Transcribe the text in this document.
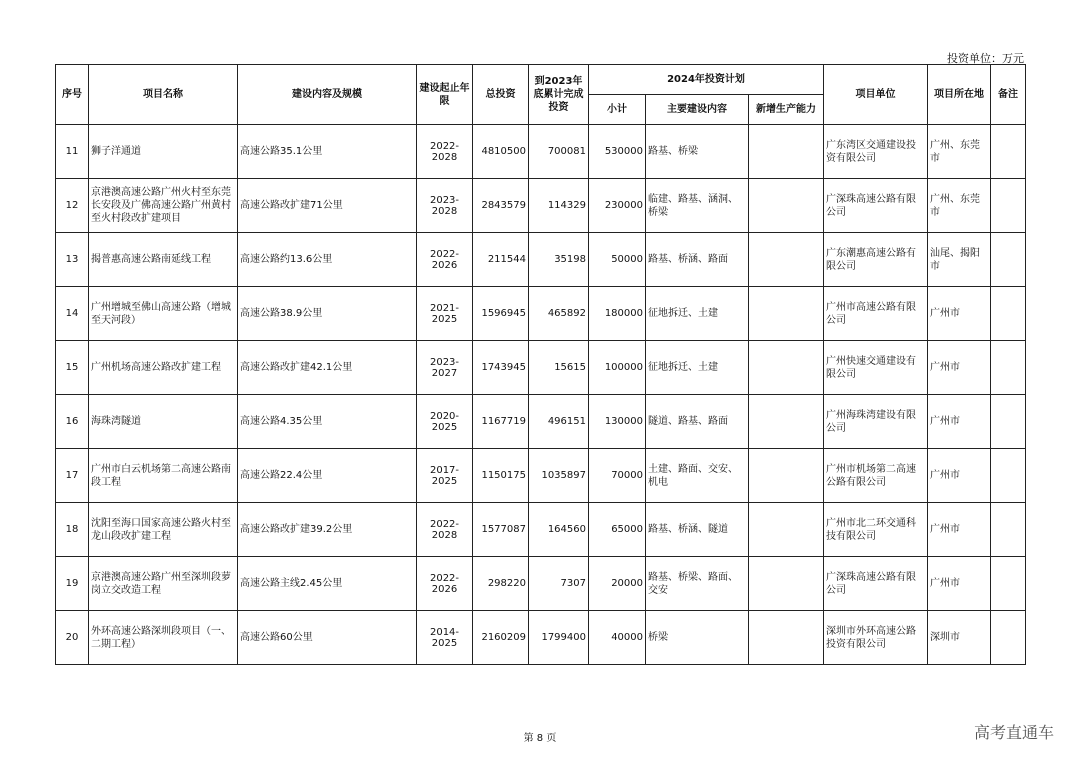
投资单位：万元
序号	项目名称	建设内容及规模	建设起止年限	总投资	到2023年底累计完成投资	2024年投资计划			项目单位	项目所在地	备注
						小计	主要建设内容	新增生产能力			
11	狮子洋通道	高速公路35.1公里	2022-2028	4810500	700081	530000	路基、桥梁		广东湾区交通建设投资有限公司	广州、东莞市	
12	京港澳高速公路广州火村至东莞长安段及广佛高速公路广州黄村至火村段改扩建项目	高速公路改扩建71公里	2023-2028	2843579	114329	230000	临建、路基、涵洞、桥梁		广深珠高速公路有限公司	广州、东莞市	
13	揭普惠高速公路南延线工程	高速公路约13.6公里	2022-2026	211544	35198	50000	路基、桥涵、路面		广东潮惠高速公路有限公司	汕尾、揭阳市	
14	广州增城至佛山高速公路（增城至天河段）	高速公路38.9公里	2021-2025	1596945	465892	180000	征地拆迁、土建		广州市高速公路有限公司	广州市	
15	广州机场高速公路改扩建工程	高速公路改扩建42.1公里	2023-2027	1743945	15615	100000	征地拆迁、土建		广州快速交通建设有限公司	广州市	
16	海珠湾隧道	高速公路4.35公里	2020-2025	1167719	496151	130000	隧道、路基、路面		广州海珠湾建设有限公司	广州市	
17	广州市白云机场第二高速公路南段工程	高速公路22.4公里	2017-2025	1150175	1035897	70000	土建、路面、交安、机电		广州市机场第二高速公路有限公司	广州市	
18	沈阳至海口国家高速公路火村至龙山段改扩建工程	高速公路改扩建39.2公里	2022-2028	1577087	164560	65000	路基、桥涵、隧道		广州市北二环交通科技有限公司	广州市	
19	京港澳高速公路广州至深圳段萝岗立交改造工程	高速公路主线2.45公里	2022-2026	298220	7307	20000	路基、桥梁、路面、交安		广深珠高速公路有限公司	广州市	
20	外环高速公路深圳段项目（一、二期工程）	高速公路60公里	2014-2025	2160209	1799400	40000	桥梁		深圳市外环高速公路投资有限公司	深圳市	
第 8 页	高考直通车
